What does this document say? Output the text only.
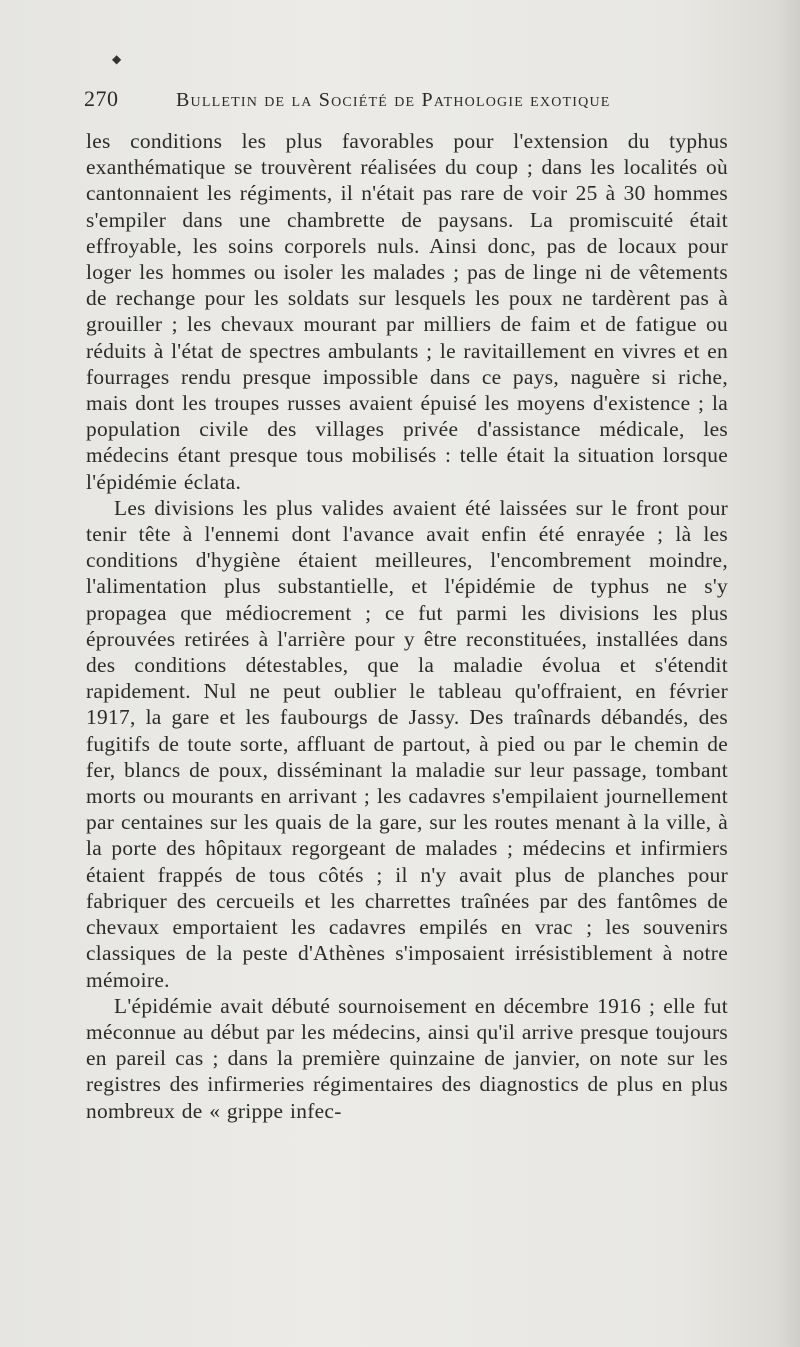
◆
270	Bulletin de la Société de Pathologie exotique

les conditions les plus favorables pour l'extension du typhus exanthématique se trouvèrent réalisées du coup ; dans les localités où cantonnaient les régiments, il n'était pas rare de voir 25 à 30 hommes s'empiler dans une chambrette de paysans. La promiscuité était effroyable, les soins corporels nuls. Ainsi donc, pas de locaux pour loger les hommes ou isoler les malades ; pas de linge ni de vêtements de rechange pour les soldats sur lesquels les poux ne tardèrent pas à grouiller ; les chevaux mourant par milliers de faim et de fatigue ou réduits à l'état de spectres ambulants ; le ravitaillement en vivres et en fourrages rendu presque impossible dans ce pays, naguère si riche, mais dont les troupes russes avaient épuisé les moyens d'existence ; la population civile des villages privée d'assistance médicale, les médecins étant presque tous mobilisés : telle était la situation lorsque l'épidémie éclata.

Les divisions les plus valides avaient été laissées sur le front pour tenir tête à l'ennemi dont l'avance avait enfin été enrayée ; là les conditions d'hygiène étaient meilleures, l'encombrement moindre, l'alimentation plus substantielle, et l'épidémie de typhus ne s'y propagea que médiocrement ; ce fut parmi les divisions les plus éprouvées retirées à l'arrière pour y être reconstituées, installées dans des conditions détestables, que la maladie évolua et s'étendit rapidement. Nul ne peut oublier le tableau qu'offraient, en février 1917, la gare et les faubourgs de Jassy. Des traînards débandés, des fugitifs de toute sorte, affluant de partout, à pied ou par le chemin de fer, blancs de poux, disséminant la maladie sur leur passage, tombant morts ou mourants en arrivant ; les cadavres s'empilaient journellement par centaines sur les quais de la gare, sur les routes menant à la ville, à la porte des hôpitaux regorgeant de malades ; médecins et infirmiers étaient frappés de tous côtés ; il n'y avait plus de planches pour fabriquer des cercueils et les charrettes traînées par des fantômes de chevaux emportaient les cadavres empilés en vrac ; les souvenirs classiques de la peste d'Athènes s'imposaient irrésistiblement à notre mémoire.

L'épidémie avait débuté sournoisement en décembre 1916 ; elle fut méconnue au début par les médecins, ainsi qu'il arrive presque toujours en pareil cas ; dans la première quinzaine de janvier, on note sur les registres des infirmeries régimentaires des diagnostics de plus en plus nombreux de « grippe infec-
